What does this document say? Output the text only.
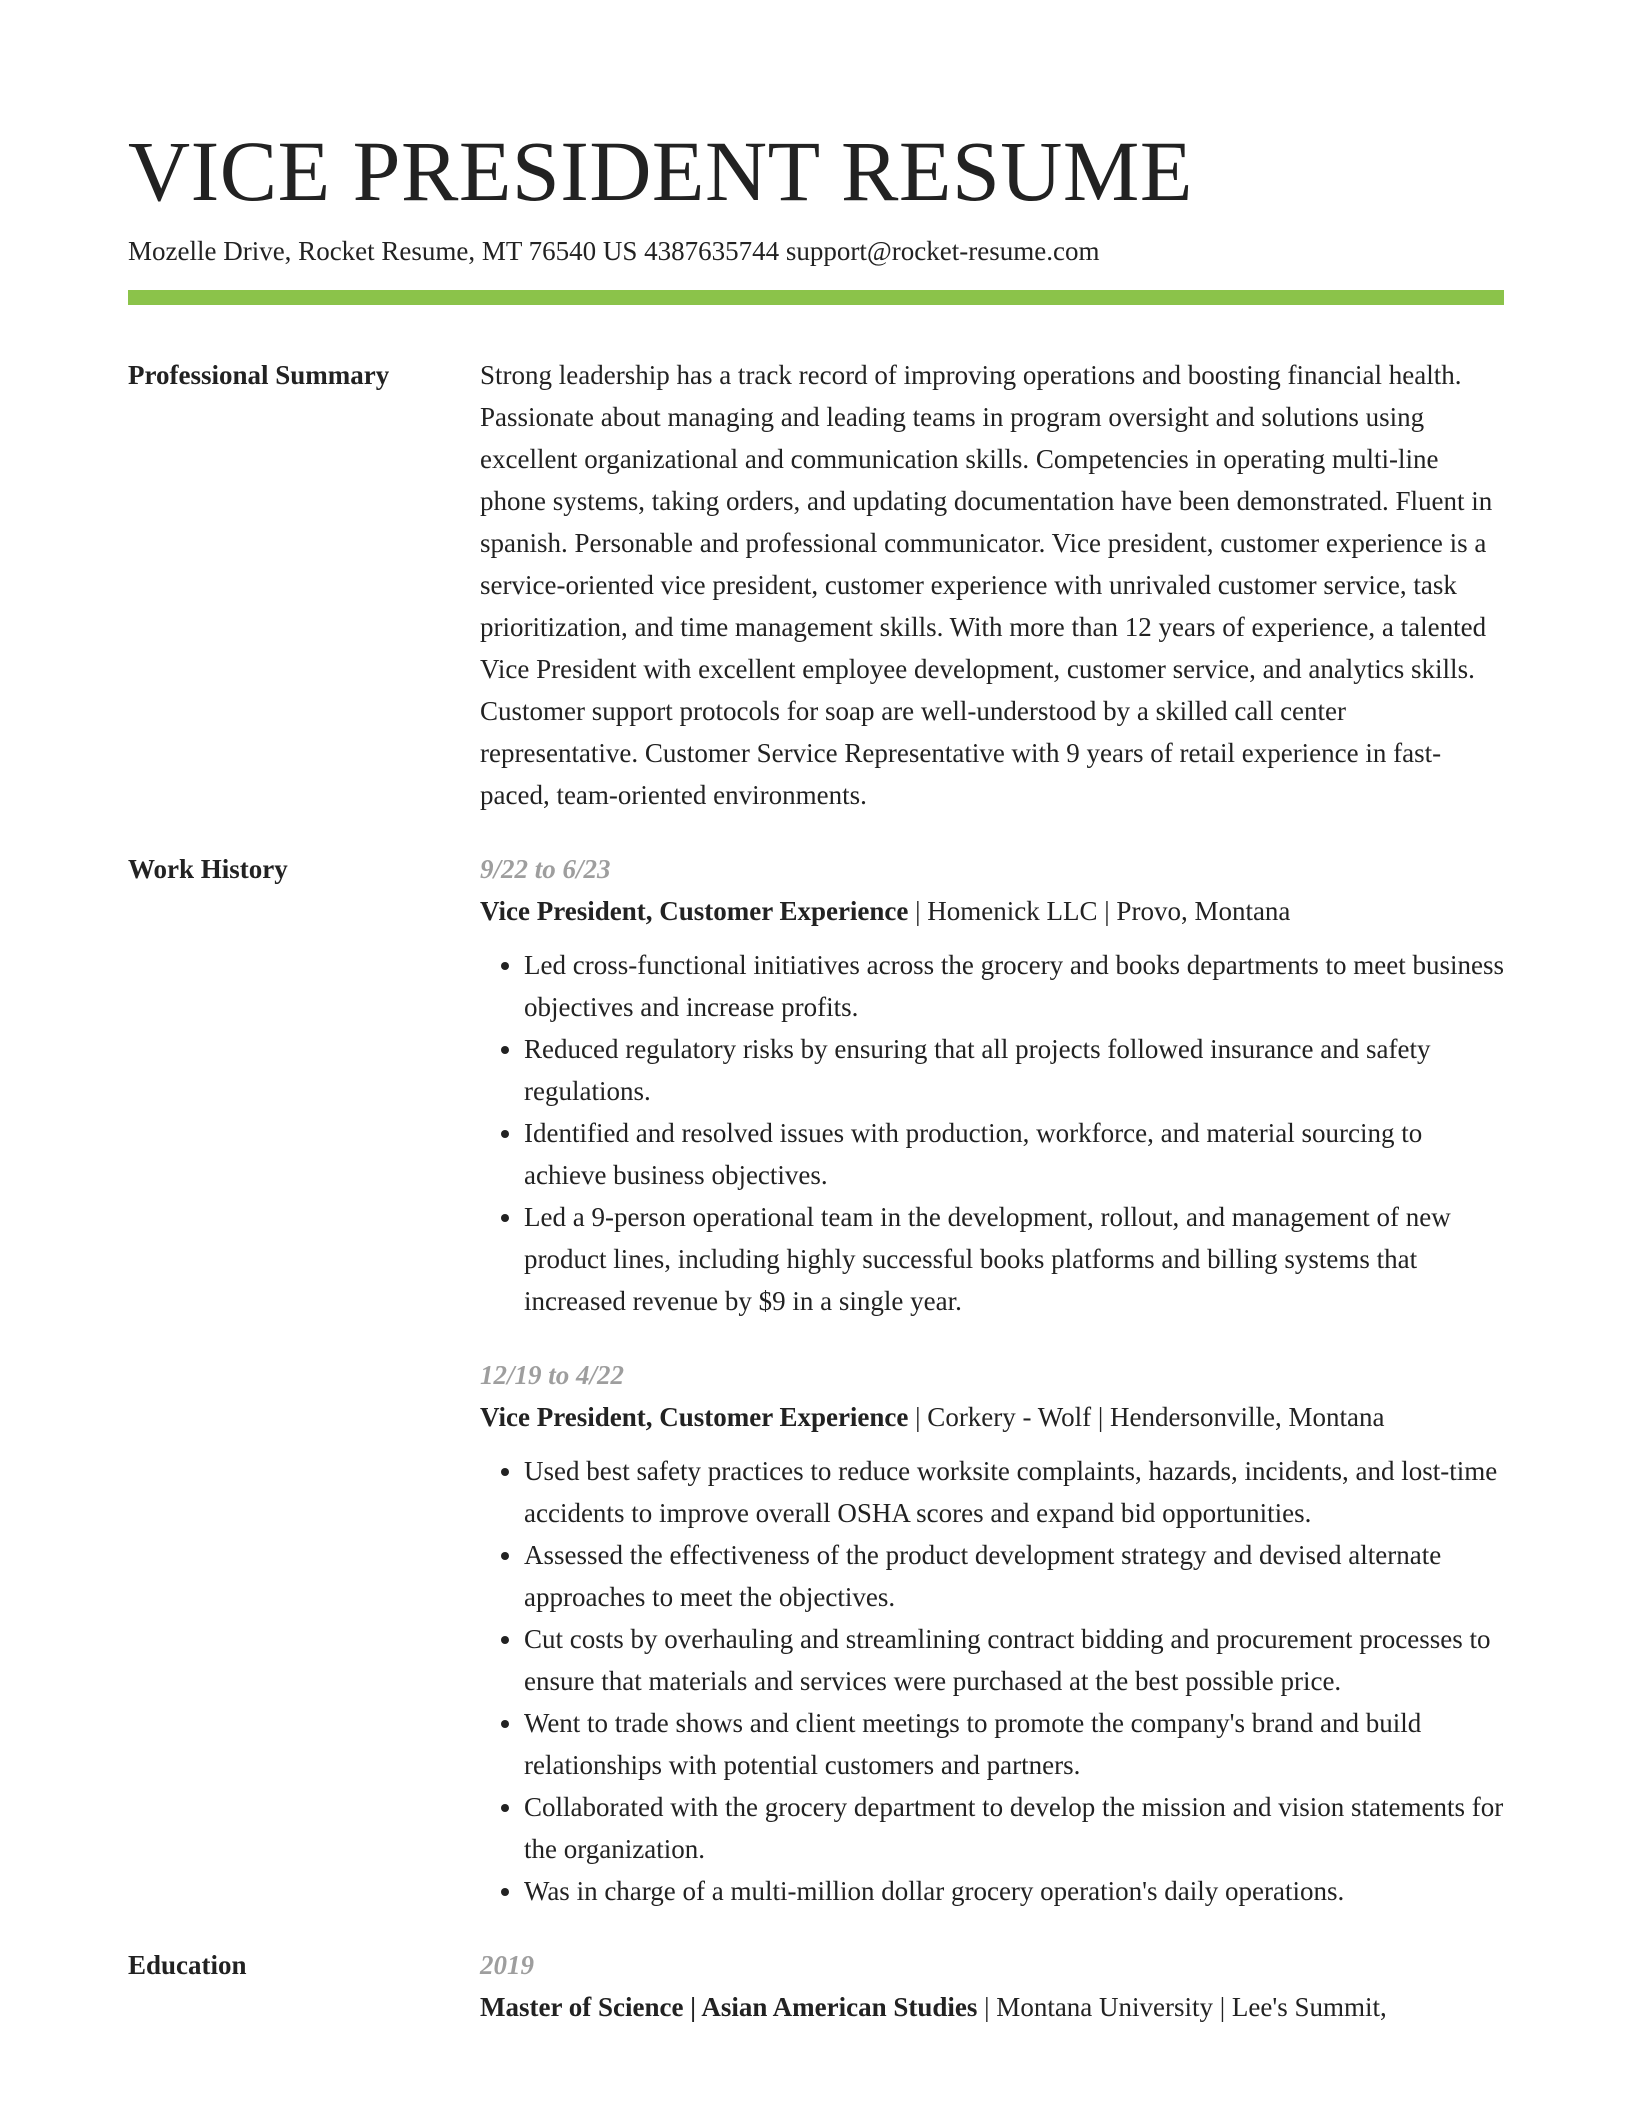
VICE PRESIDENT RESUME
Mozelle Drive, Rocket Resume, MT 76540 US 4387635744 support@rocket-resume.com
Professional Summary	Strong leadership has a track record of improving operations and boosting financial health. Passionate about managing and leading teams in program oversight and solutions using excellent organizational and communication skills. Competencies in operating multi-line phone systems, taking orders, and updating documentation have been demonstrated. Fluent in spanish. Personable and professional communicator. Vice president, customer experience is a service-oriented vice president, customer experience with unrivaled customer service, task prioritization, and time management skills. With more than 12 years of experience, a talented Vice President with excellent employee development, customer service, and analytics skills. Customer support protocols for soap are well-understood by a skilled call center representative. Customer Service Representative with 9 years of retail experience in fast-paced, team-oriented environments.

Work History	9/22 to 6/23
Vice President, Customer Experience | Homenick LLC | Provo, Montana
• Led cross-functional initiatives across the grocery and books departments to meet business objectives and increase profits.
• Reduced regulatory risks by ensuring that all projects followed insurance and safety regulations.
• Identified and resolved issues with production, workforce, and material sourcing to achieve business objectives.
• Led a 9-person operational team in the development, rollout, and management of new product lines, including highly successful books platforms and billing systems that increased revenue by $9 in a single year.
12/19 to 4/22
Vice President, Customer Experience | Corkery - Wolf | Hendersonville, Montana
• Used best safety practices to reduce worksite complaints, hazards, incidents, and lost-time accidents to improve overall OSHA scores and expand bid opportunities.
• Assessed the effectiveness of the product development strategy and devised alternate approaches to meet the objectives.
• Cut costs by overhauling and streamlining contract bidding and procurement processes to ensure that materials and services were purchased at the best possible price.
• Went to trade shows and client meetings to promote the company's brand and build relationships with potential customers and partners.
• Collaborated with the grocery department to develop the mission and vision statements for the organization.
• Was in charge of a multi-million dollar grocery operation's daily operations.
Education	2019
Master of Science | Asian American Studies | Montana University | Lee's Summit,
